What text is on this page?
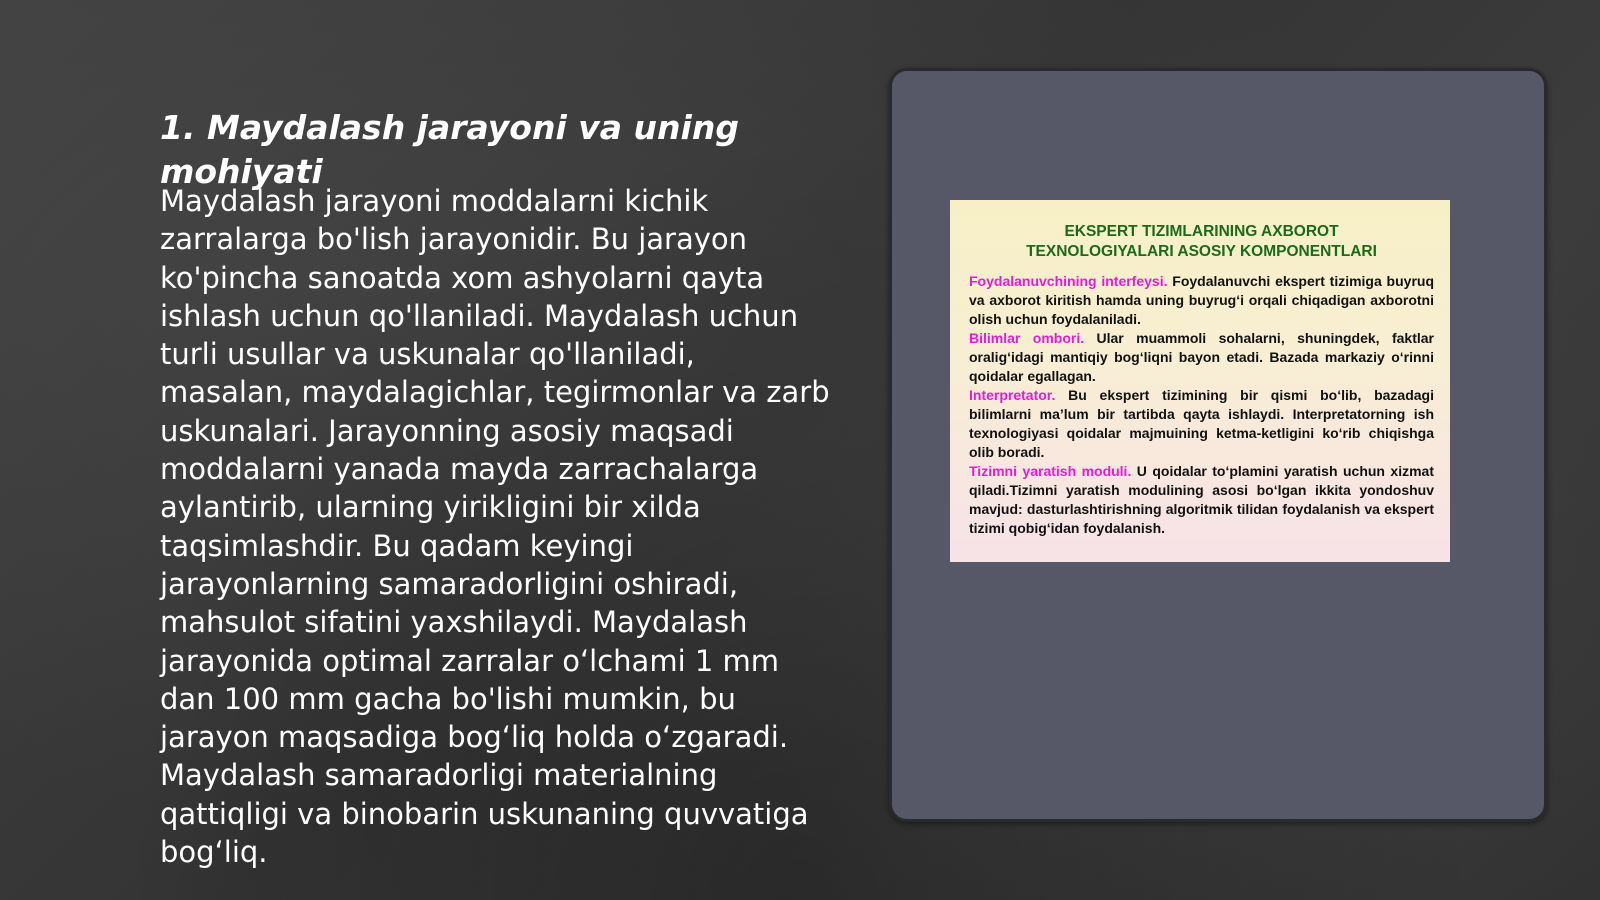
1. Maydalash jarayoni va uning mohiyati

Maydalash jarayoni moddalarni kichik zarralarga bo'lish jarayonidir. Bu jarayon ko'pincha sanoatda xom ashyolarni qayta ishlash uchun qo'llaniladi. Maydalash uchun turli usullar va uskunalar qo'llaniladi, masalan, maydalagichlar, tegirmonlar va zarb uskunalari. Jarayonning asosiy maqsadi moddalarni yanada mayda zarrachalarga aylantirib, ularning yirikligini bir xilda taqsimlashdir. Bu qadam keyingi jarayonlarning samaradorligini oshiradi, mahsulot sifatini yaxshilaydi. Maydalash jarayonida optimal zarralar o‘lchami 1 mm dan 100 mm gacha bo'lishi mumkin, bu jarayon maqsadiga bog‘liq holda o‘zgaradi. Maydalash samaradorligi materialning qattiqligi va binobarin uskunaning quvvatiga bog‘liq.

EKSPERT TIZIMLARINING AXBOROT
TEXNOLOGIYALARI ASOSIY KOMPONENTLARI

Foydalanuvchining interfeysi. Foydalanuvchi ekspert tizimiga buyruq va axborot kiritish hamda uning buyrug‘i orqali chiqadigan axborotni olish uchun foydalaniladi.

Bilimlar ombori. Ular muammoli sohalarni, shuningdek, faktlar oralig‘idagi mantiqiy bog‘liqni bayon etadi. Bazada markaziy o‘rinni qoidalar egallagan.

Interpretator. Bu ekspert tizimining bir qismi bo‘lib, bazadagi bilimlarni ma’lum bir tartibda qayta ishlaydi. Interpretatorning ish texnologiyasi qoidalar majmuining ketma-ketligini ko‘rib chiqishga olib boradi.

Tizimni yaratish moduli. U qoidalar to‘plamini yaratish uchun xizmat qiladi.Tizimni yaratish modulining asosi bo‘lgan ikkita yondoshuv mavjud: dasturlashtirishning algoritmik tilidan foydalanish va ekspert tizimi qobig‘idan foydalanish.
